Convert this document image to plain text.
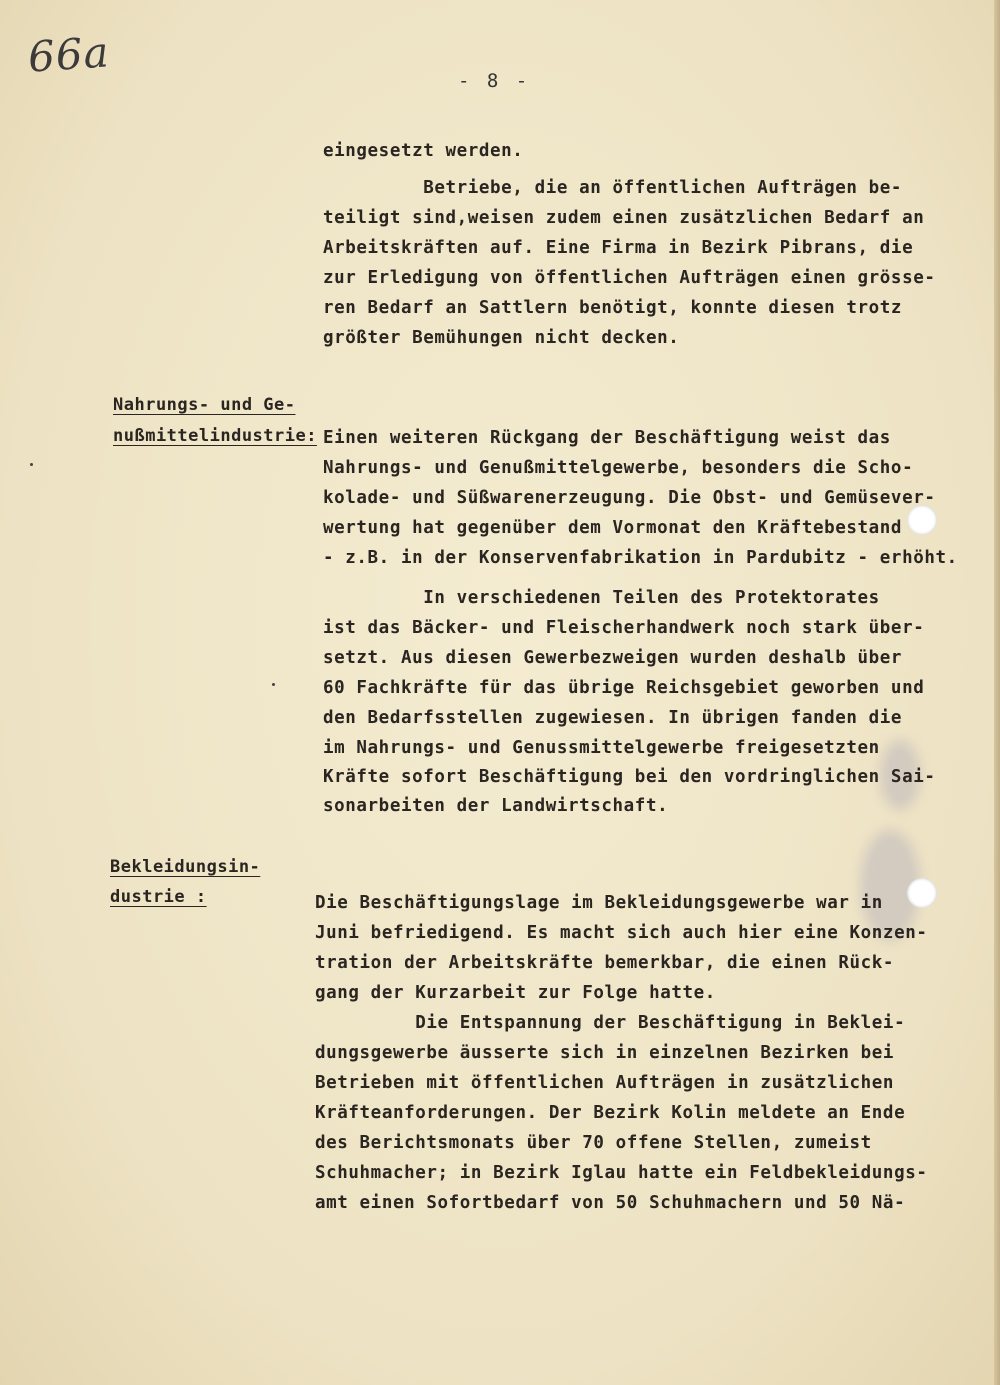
66a	- 8 -
eingesetzt werden.
Betriebe, die an öffentlichen Aufträgen be-
teiligt sind,weisen zudem einen zusätzlichen Bedarf an
Arbeitskräften auf. Eine Firma in Bezirk Pibrans, die
zur Erledigung von öffentlichen Aufträgen einen grösse-
ren Bedarf an Sattlern benötigt, konnte diesen trotz
größter Bemühungen nicht decken.
Nahrungs- und Ge-
nußmittelindustrie: Einen weiteren Rückgang der Beschäftigung weist das
Nahrungs- und Genußmittelgewerbe, besonders die Scho-
kolade- und Süßwarenerzeugung. Die Obst- und Gemüsever-
wertung hat gegenüber dem Vormonat den Kräftebestand
- z.B. in der Konservenfabrikation in Pardubitz - erhöht.
In verschiedenen Teilen des Protektorates
ist das Bäcker- und Fleischerhandwerk noch stark über-
setzt. Aus diesen Gewerbezweigen wurden deshalb über
60 Fachkräfte für das übrige Reichsgebiet geworben und
den Bedarfsstellen zugewiesen. In übrigen fanden die
im Nahrungs- und Genussmittelgewerbe freigesetzten
Kräfte sofort Beschäftigung bei den vordringlichen Sai-
sonarbeiten der Landwirtschaft.
Bekleidungsin-
dustrie :	Die Beschäftigungslage im Bekleidungsgewerbe war in
Juni befriedigend. Es macht sich auch hier eine Konzen-
tration der Arbeitskräfte bemerkbar, die einen Rück-
gang der Kurzarbeit zur Folge hatte.
Die Entspannung der Beschäftigung in Beklei-
dungsgewerbe äusserte sich in einzelnen Bezirken bei
Betrieben mit öffentlichen Aufträgen in zusätzlichen
Kräfteanforderungen. Der Bezirk Kolin meldete an Ende
des Berichtsmonats über 70 offene Stellen, zumeist
Schuhmacher; in Bezirk Iglau hatte ein Feldbekleidungs-
amt einen Sofortbedarf von 50 Schuhmachern und 50 Nä-
